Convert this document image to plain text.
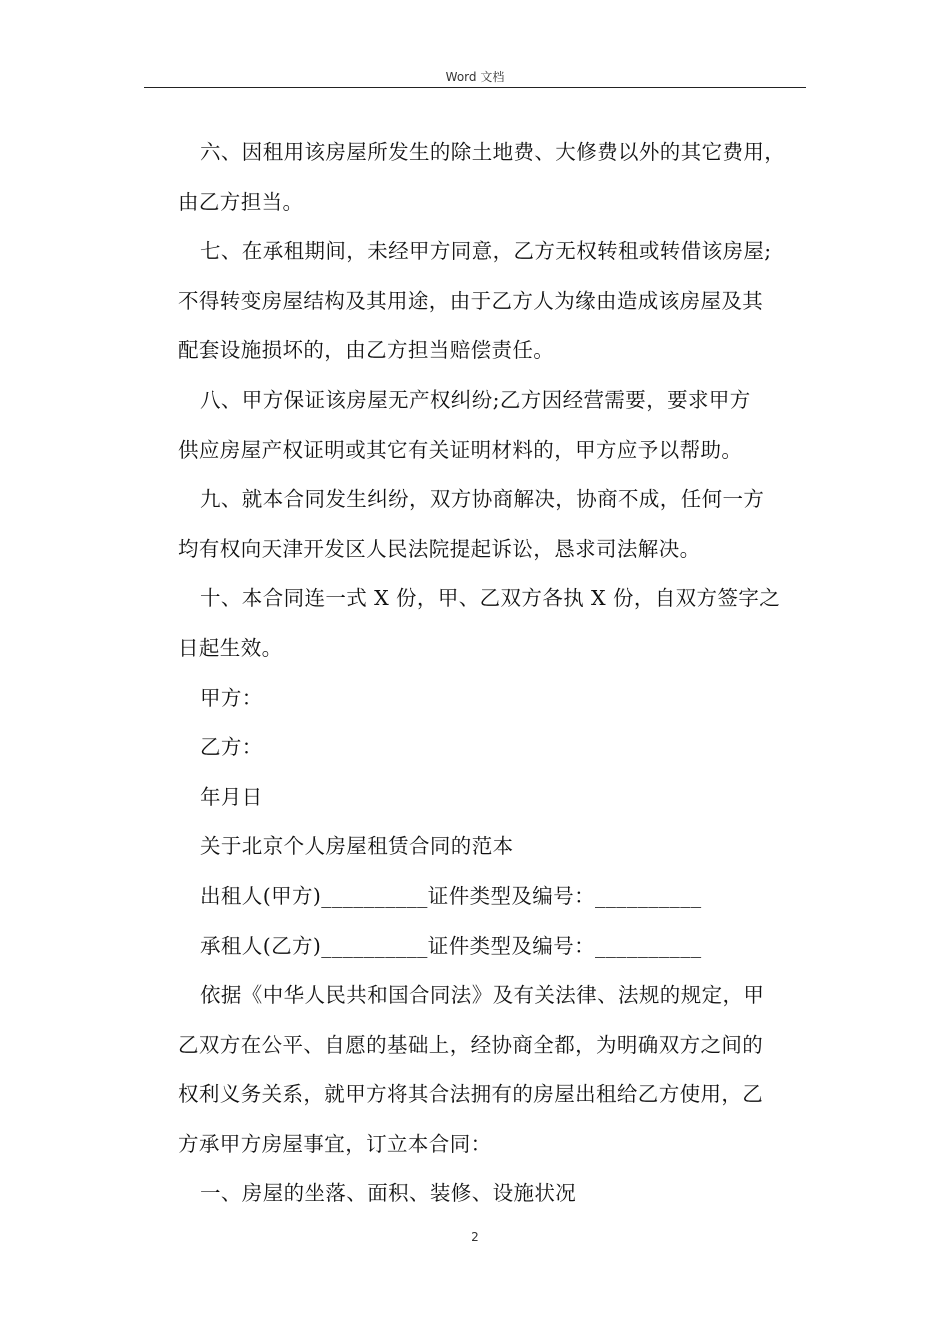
Word 文档
六、因租用该房屋所发生的除土地费、大修费以外的其它费用，
由乙方担当。
七、在承租期间，未经甲方同意，乙方无权转租或转借该房屋;
不得转变房屋结构及其用途，由于乙方人为缘由造成该房屋及其
配套设施损坏的，由乙方担当赔偿责任。
八、甲方保证该房屋无产权纠纷;乙方因经营需要，要求甲方
供应房屋产权证明或其它有关证明材料的，甲方应予以帮助。
九、就本合同发生纠纷，双方协商解决，协商不成，任何一方
均有权向天津开发区人民法院提起诉讼，恳求司法解决。
十、本合同连一式 X 份，甲、乙双方各执 X 份，自双方签字之
日起生效。
甲方：
乙方：
年月日
关于北京个人房屋租赁合同的范本
出租人(甲方)__________证件类型及编号：__________
承租人(乙方)__________证件类型及编号：__________
依据《中华人民共和国合同法》及有关法律、法规的规定，甲
乙双方在公平、自愿的基础上，经协商全都，为明确双方之间的
权利义务关系，就甲方将其合法拥有的房屋出租给乙方使用，乙
方承甲方房屋事宜，订立本合同：
一、房屋的坐落、面积、装修、设施状况
2
